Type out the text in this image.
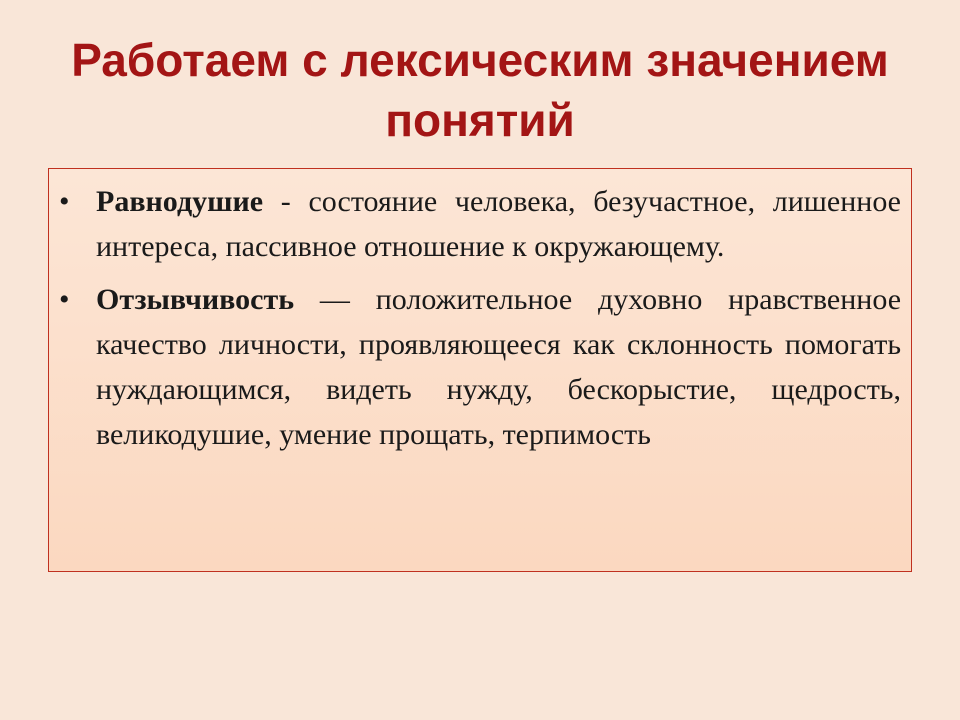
Работаем с лексическим значением
понятий
• Равнодушие - состояние человека, безучастное, лишенное интереса, пассивное отношение к окружающему.
• Отзывчивость — положительное духовно нравственное качество личности, проявляющееся как склонность помогать нуждающимся, видеть нужду, бескорыстие, щедрость, великодушие, умение прощать, терпимость
